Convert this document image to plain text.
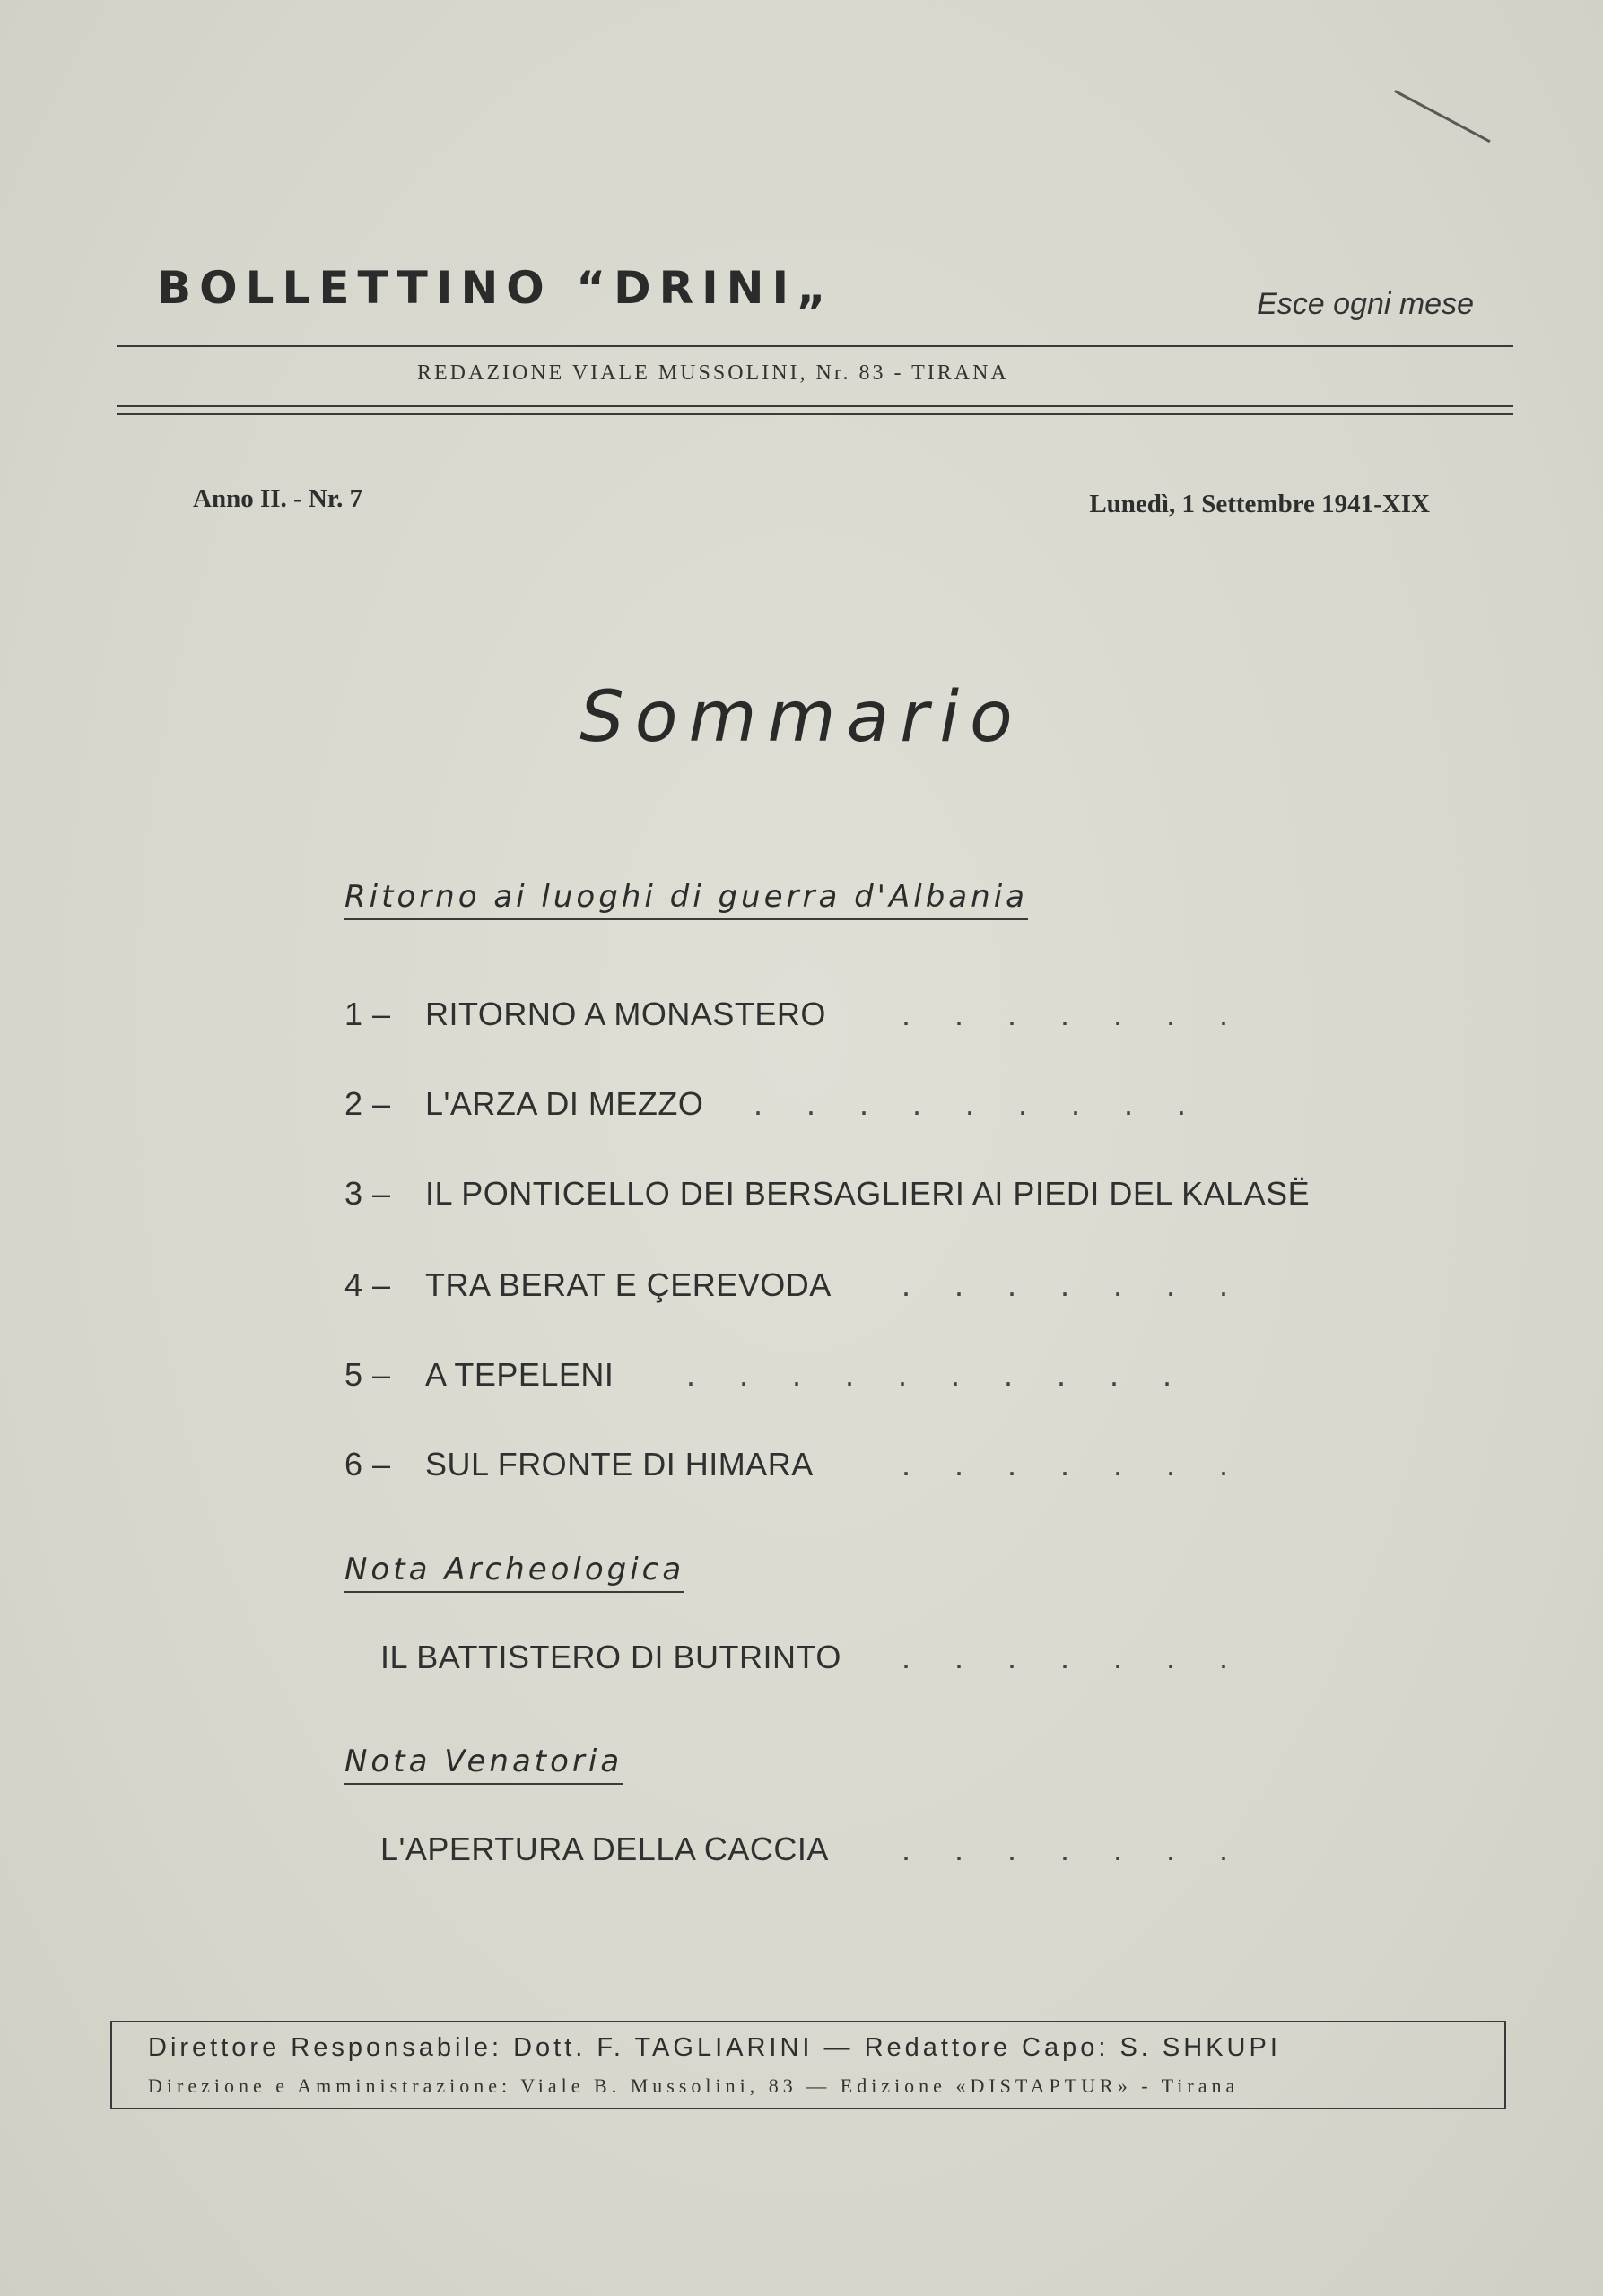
BOLLETTINO “DRINI„	Esce ogni mese
REDAZIONE VIALE MUSSOLINI, Nr. 83 - TIRANA
Anno II. - Nr. 7	Lunedì, 1 Settembre 1941-XIX
Sommario
Ritorno ai luoghi di guerra d'Albania
1 – RITORNO A MONASTERO .......
2 – L'ARZA DI MEZZO .........
3 – IL PONTICELLO DEI BERSAGLIERI AI PIEDI DEL KALASË
4 – TRA BERAT E ÇEREVODA .......
5 – A TEPELENI ..........
6 – SUL FRONTE DI HIMARA	.......
Nota Archeologica
IL BATTISTERO DI BUTRINTO .......
Nota Venatoria
L'APERTURA DELLA CACCIA .......
Direttore Responsabile: Dott. F. TAGLIARINI — Redattore Capo: S. SHKUPI
Direzione e Amministrazione: Viale B. Mussolini, 83 — Edizione «DISTAPTUR» - Tirana
